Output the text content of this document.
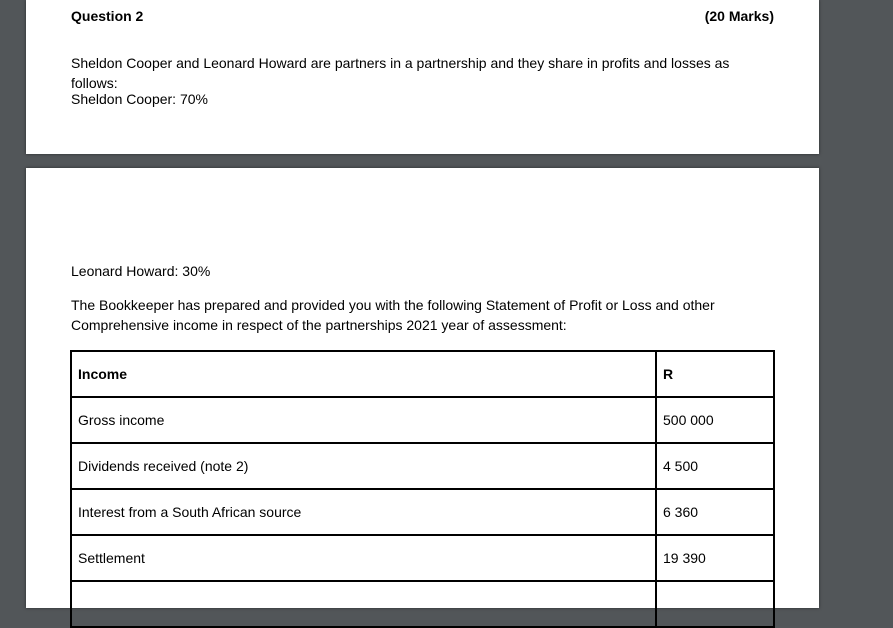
Question 2	(20 Marks)
Sheldon Cooper and Leonard Howard are partners in a partnership and they share in profits and losses as follows:
Sheldon Cooper: 70%
Leonard Howard: 30%
The Bookkeeper has prepared and provided you with the following Statement of Profit or Loss and other Comprehensive income in respect of the partnerships 2021 year of assessment:
Income	R
Gross income	500 000
Dividends received (note 2)	4 500
Interest from a South African source	6 360
Settlement	19 390
